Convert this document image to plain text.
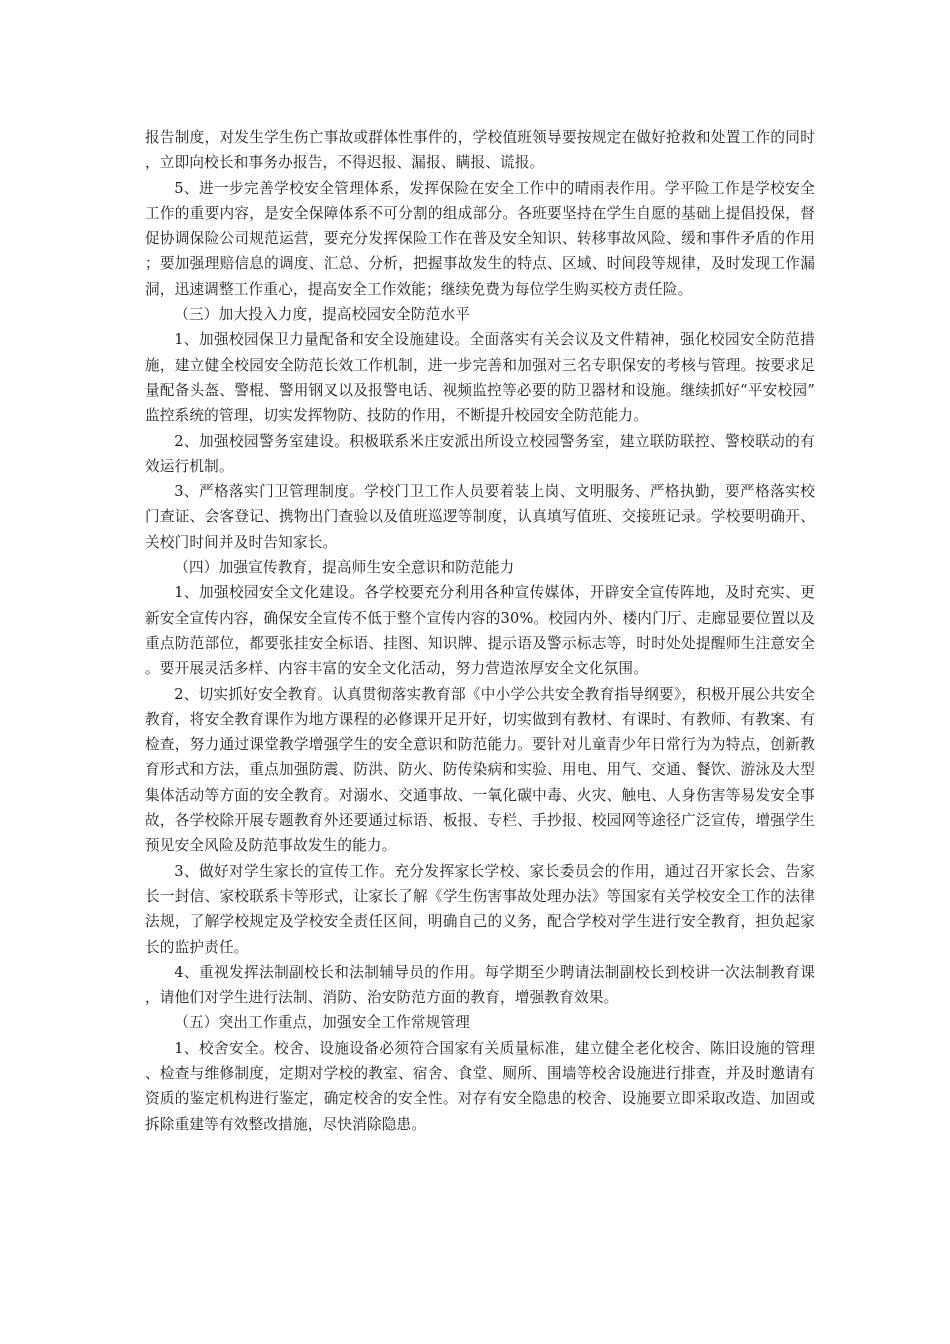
报告制度，对发生学生伤亡事故或群体性事件的，学校值班领导要按规定在做好抢救和处置工作的同时，立即向校长和事务办报告，不得迟报、漏报、瞒报、谎报。

5、进一步完善学校安全管理体系，发挥保险在安全工作中的晴雨表作用。学平险工作是学校安全工作的重要内容，是安全保障体系不可分割的组成部分。各班要坚持在学生自愿的基础上提倡投保，督促协调保险公司规范运营，要充分发挥保险工作在普及安全知识、转移事故风险、缓和事件矛盾的作用；要加强理赔信息的调度、汇总、分析，把握事故发生的特点、区域、时间段等规律，及时发现工作漏洞，迅速调整工作重心，提高安全工作效能；继续免费为每位学生购买校方责任险。

（三）加大投入力度，提高校园安全防范水平

1、加强校园保卫力量配备和安全设施建设。全面落实有关会议及文件精神，强化校园安全防范措施，建立健全校园安全防范长效工作机制，进一步完善和加强对三名专职保安的考核与管理。按要求足量配备头盔、警棍、警用钢叉以及报警电话、视频监控等必要的防卫器材和设施。继续抓好“平安校园”监控系统的管理，切实发挥物防、技防的作用，不断提升校园安全防范能力。

2、加强校园警务室建设。积极联系米庄安派出所设立校园警务室，建立联防联控、警校联动的有效运行机制。

3、严格落实门卫管理制度。学校门卫工作人员要着装上岗、文明服务、严格执勤，要严格落实校门查证、会客登记、携物出门查验以及值班巡逻等制度，认真填写值班、交接班记录。学校要明确开、关校门时间并及时告知家长。

（四）加强宣传教育，提高师生安全意识和防范能力

1、加强校园安全文化建设。各学校要充分利用各种宣传媒体，开辟安全宣传阵地，及时充实、更新安全宣传内容，确保安全宣传不低于整个宣传内容的30%。校园内外、楼内门厅、走廊显要位置以及重点防范部位，都要张挂安全标语、挂图、知识牌、提示语及警示标志等，时时处处提醒师生注意安全。要开展灵活多样、内容丰富的安全文化活动，努力营造浓厚安全文化氛围。

2、切实抓好安全教育。认真贯彻落实教育部《中小学公共安全教育指导纲要》，积极开展公共安全教育，将安全教育课作为地方课程的必修课开足开好，切实做到有教材、有课时、有教师、有教案、有检查，努力通过课堂教学增强学生的安全意识和防范能力。要针对儿童青少年日常行为为特点，创新教育形式和方法，重点加强防震、防洪、防火、防传染病和实验、用电、用气、交通、餐饮、游泳及大型集体活动等方面的安全教育。对溺水、交通事故、一氧化碳中毒、火灾、触电、人身伤害等易发安全事故，各学校除开展专题教育外还要通过标语、板报、专栏、手抄报、校园网等途径广泛宣传，增强学生预见安全风险及防范事故发生的能力。

3、做好对学生家长的宣传工作。充分发挥家长学校、家长委员会的作用，通过召开家长会、告家长一封信、家校联系卡等形式，让家长了解《学生伤害事故处理办法》等国家有关学校安全工作的法律法规，了解学校规定及学校安全责任区间，明确自己的义务，配合学校对学生进行安全教育，担负起家长的监护责任。

4、重视发挥法制副校长和法制辅导员的作用。每学期至少聘请法制副校长到校讲一次法制教育课，请他们对学生进行法制、消防、治安防范方面的教育，增强教育效果。

（五）突出工作重点，加强安全工作常规管理

1、校舍安全。校舍、设施设备必须符合国家有关质量标准，建立健全老化校舍、陈旧设施的管理、检查与维修制度，定期对学校的教室、宿舍、食堂、厕所、围墙等校舍设施进行排查，并及时邀请有资质的鉴定机构进行鉴定，确定校舍的安全性。对存有安全隐患的校舍、设施要立即采取改造、加固或拆除重建等有效整改措施，尽快消除隐患。
